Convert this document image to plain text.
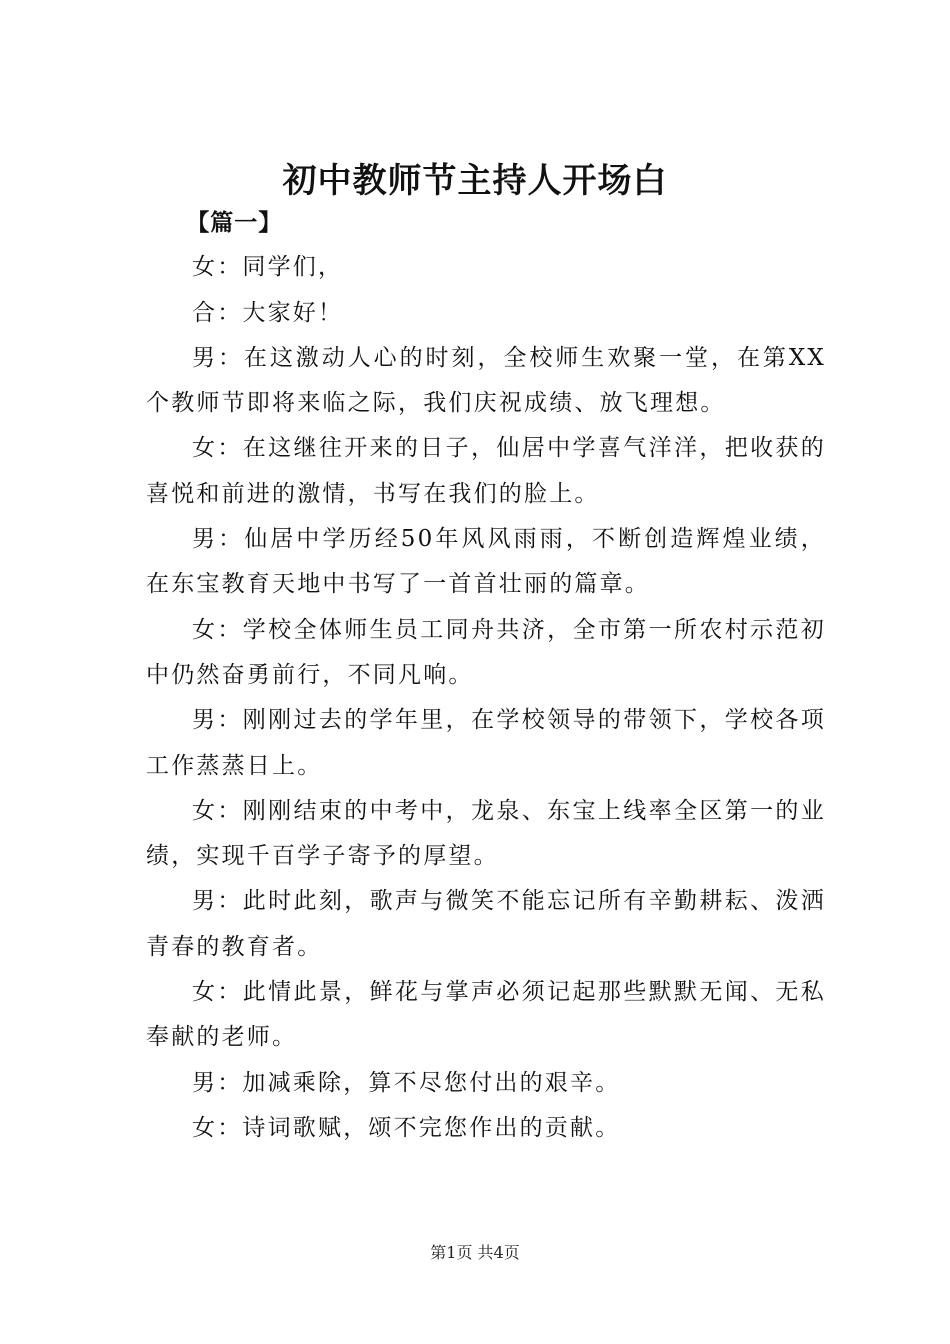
初中教师节主持人开场白

【篇一】

女：同学们，

合：大家好！

男：在这激动人心的时刻，全校师生欢聚一堂，在第XX个教师节即将来临之际，我们庆祝成绩、放飞理想。

女：在这继往开来的日子，仙居中学喜气洋洋，把收获的喜悦和前进的激情，书写在我们的脸上。

男：仙居中学历经50年风风雨雨，不断创造辉煌业绩，在东宝教育天地中书写了一首首壮丽的篇章。

女：学校全体师生员工同舟共济，全市第一所农村示范初中仍然奋勇前行，不同凡响。

男：刚刚过去的学年里，在学校领导的带领下，学校各项工作蒸蒸日上。

女：刚刚结束的中考中，龙泉、东宝上线率全区第一的业绩，实现千百学子寄予的厚望。

男：此时此刻，歌声与微笑不能忘记所有辛勤耕耘、泼洒青春的教育者。

女：此情此景，鲜花与掌声必须记起那些默默无闻、无私奉献的老师。

男：加减乘除，算不尽您付出的艰辛。

女：诗词歌赋，颂不完您作出的贡献。

第1页 共4页
